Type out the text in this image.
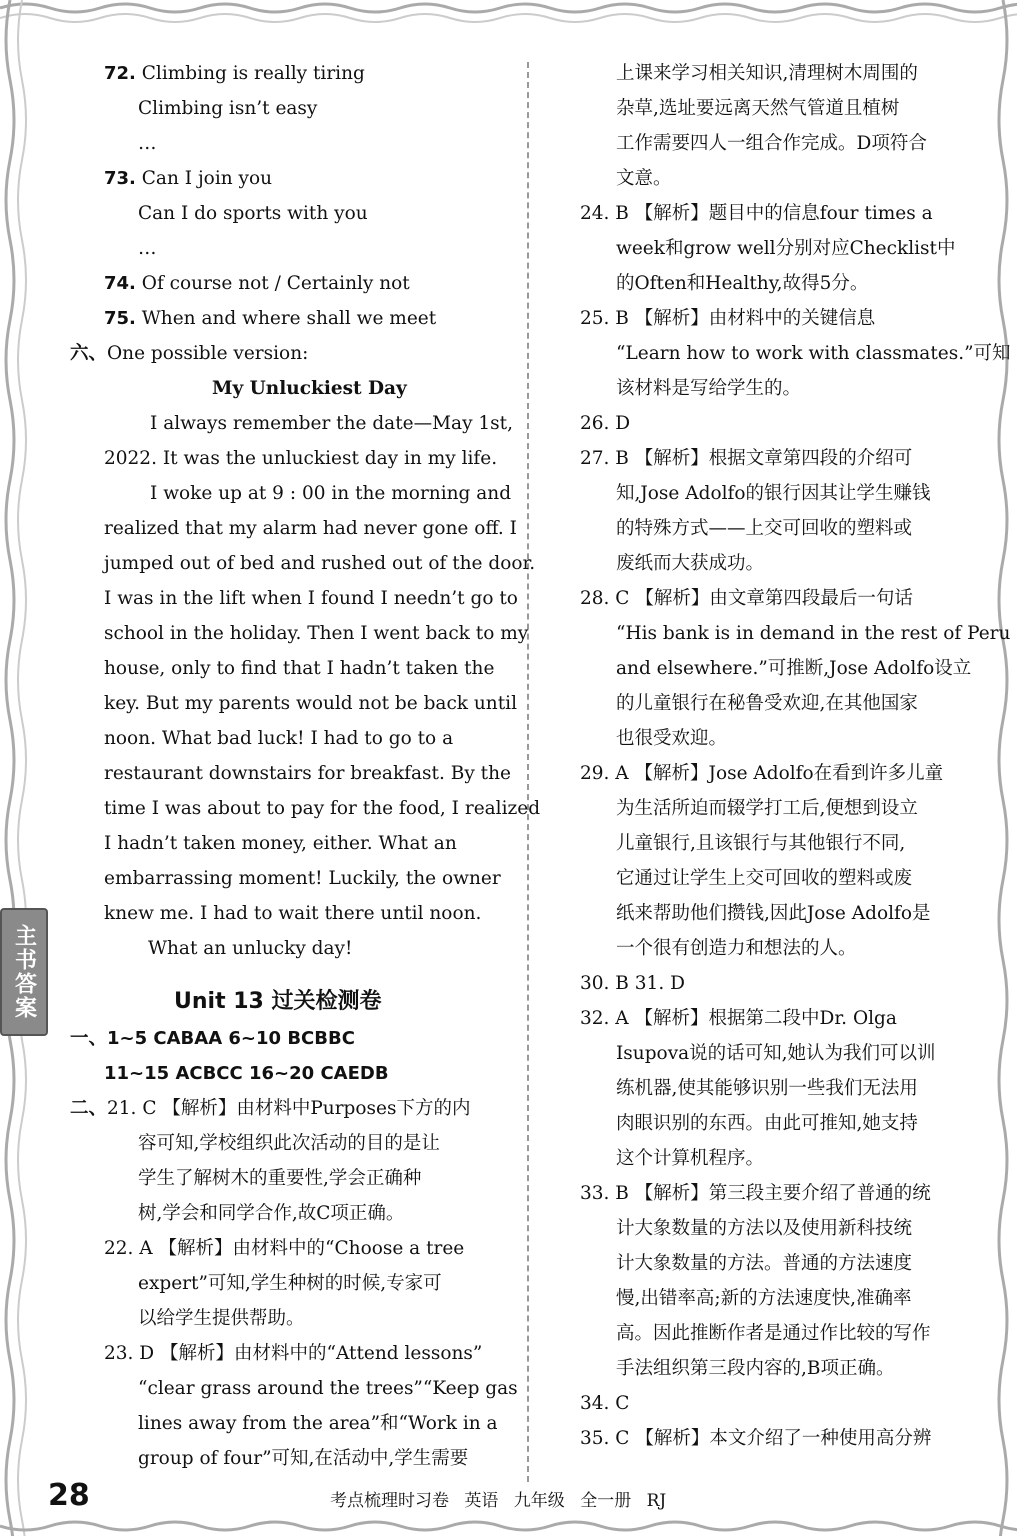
主书答案
72. Climbing is really tiring
Climbing isn’t easy
…
73. Can I join you
Can I do sports with you
…
74. Of course not / Certainly not
75. When and where shall we meet
六、One possible version:
My Unluckiest Day
I always remember the date—May 1st,
2022. It was the unluckiest day in my life.
I woke up at 9 : 00 in the morning and
realized that my alarm had never gone off. I
jumped out of bed and rushed out of the door.
I was in the lift when I found I needn’t go to
school in the holiday. Then I went back to my
house, only to find that I hadn’t taken the
key. But my parents would not be back until
noon. What bad luck! I had to go to a
restaurant downstairs for breakfast. By the
time I was about to pay for the food, I realized
I hadn’t taken money, either. What an
embarrassing moment! Luckily, the owner
knew me. I had to wait there until noon.
What an unlucky day!
Unit 13 过关检测卷
一、1~5 CABAA 6~10 BCBBC
11~15 ACBCC 16~20 CAEDB
二、21. C 【解析】由材料中Purposes下方的内
容可知,学校组织此次活动的目的是让
学生了解树木的重要性,学会正确种
树,学会和同学合作,故C项正确。
22. A 【解析】由材料中的“Choose a tree
expert”可知,学生种树的时候,专家可
以给学生提供帮助。
23. D 【解析】由材料中的“Attend lessons”
“clear grass around the trees”“Keep gas
lines away from the area”和“Work in a
group of four”可知,在活动中,学生需要
上课来学习相关知识,清理树木周围的
杂草,选址要远离天然气管道且植树
工作需要四人一组合作完成。D项符合
文意。
24. B 【解析】题目中的信息four times a
week和grow well分别对应Checklist中
的Often和Healthy,故得5分。
25. B 【解析】由材料中的关键信息
“Learn how to work with classmates.”可知
该材料是写给学生的。
26. D
27. B 【解析】根据文章第四段的介绍可
知,Jose Adolfo的银行因其让学生赚钱
的特殊方式——上交可回收的塑料或
废纸而大获成功。
28. C 【解析】由文章第四段最后一句话
“His bank is in demand in the rest of Peru
and elsewhere.”可推断,Jose Adolfo设立
的儿童银行在秘鲁受欢迎,在其他国家
也很受欢迎。
29. A 【解析】Jose Adolfo在看到许多儿童
为生活所迫而辍学打工后,便想到设立
儿童银行,且该银行与其他银行不同,
它通过让学生上交可回收的塑料或废
纸来帮助他们攒钱,因此Jose Adolfo是
一个很有创造力和想法的人。
30. B 31. D
32. A 【解析】根据第二段中Dr. Olga
Isupova说的话可知,她认为我们可以训
练机器,使其能够识别一些我们无法用
肉眼识别的东西。由此可推知,她支持
这个计算机程序。
33. B 【解析】第三段主要介绍了普通的统
计大象数量的方法以及使用新科技统
计大象数量的方法。普通的方法速度
慢,出错率高;新的方法速度快,准确率
高。因此推断作者是通过作比较的写作
手法组织第三段内容的,B项正确。
34. C
35. C 【解析】本文介绍了一种使用高分辨
28	考点梳理时习卷 英语 九年级 全一册 RJ
